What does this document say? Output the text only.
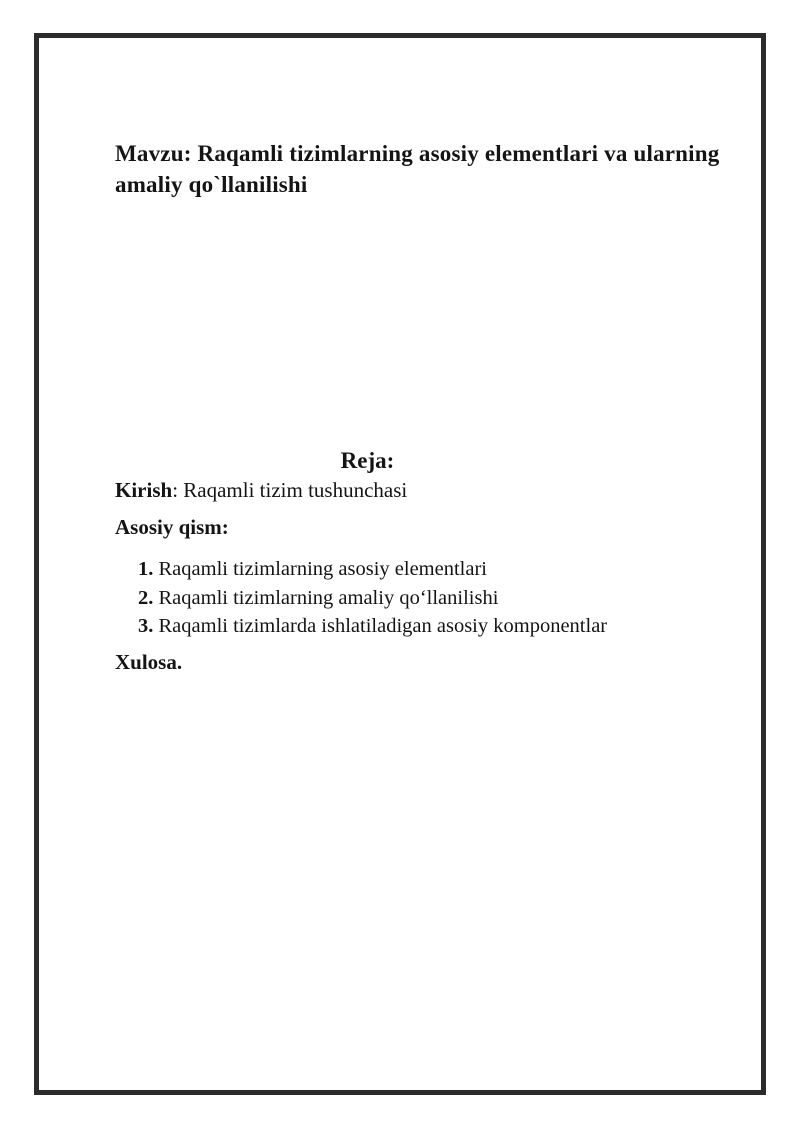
Mavzu: Raqamli tizimlarning asosiy elementlari va ularning amaliy qo`llanilishi
Reja:

Kirish: Raqamli tizim tushunchasi

Asosiy qism:
1. Raqamli tizimlarning asosiy elementlari
2. Raqamli tizimlarning amaliy qo‘llanilishi
3. Raqamli tizimlarda ishlatiladigan asosiy komponentlar

Xulosa.
